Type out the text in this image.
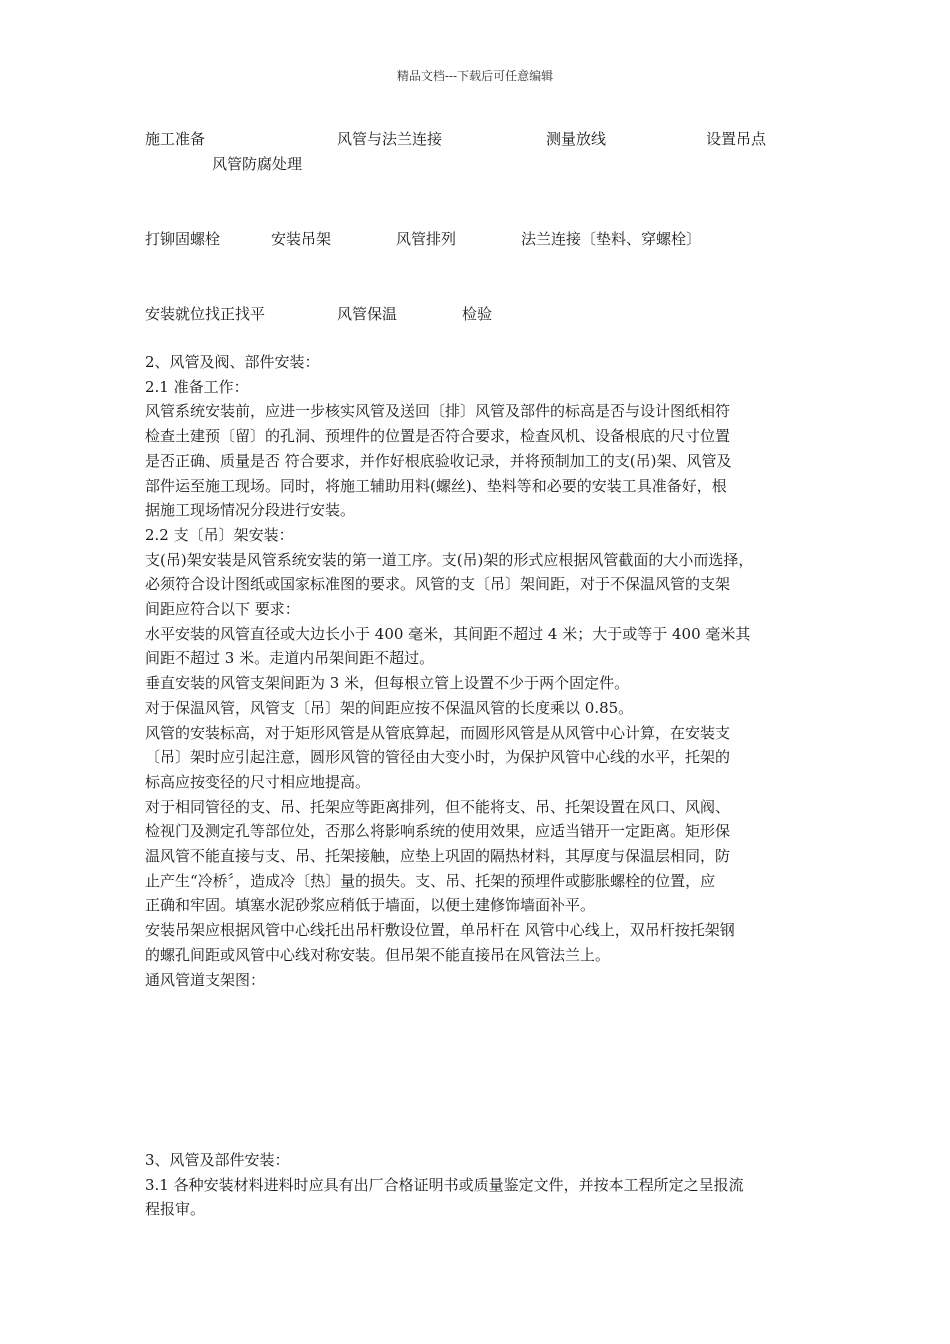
精品文档---下载后可任意编辑
施工准备	风管与法兰连接	测量放线	设置吊点
风管防腐处理
打铆固螺栓	安装吊架	风管排列	法兰连接〔垫料、穿螺栓〕
安装就位找正找平	风管保温	检验

2、风管及阀、部件安装：

2.1 准备工作：

风管系统安装前，应进一步核实风管及送回〔排〕风管及部件的标高是否与设计图纸相符

检查土建预〔留〕的孔洞、预埋件的位置是否符合要求，检查风机、设备根底的尺寸位置

是否正确、质量是否 符合要求，并作好根底验收记录，并将预制加工的支(吊)架、风管及

部件运至施工现场。同时，将施工辅助用料(螺丝)、垫料等和必要的安装工具准备好，根

据施工现场情况分段进行安装。

2.2 支〔吊〕架安装：

支(吊)架安装是风管系统安装的第一道工序。支(吊)架的形式应根据风管截面的大小而选择，

必须符合设计图纸或国家标准图的要求。风管的支〔吊〕架间距，对于不保温风管的支架

间距应符合以下 要求：

水平安装的风管直径或大边长小于 400 毫米，其间距不超过 4 米；大于或等于 400 毫米其

间距不超过 3 米。走道内吊架间距不超过。

垂直安装的风管支架间距为 3 米，但每根立管上设置不少于两个固定件。

对于保温风管，风管支〔吊〕架的间距应按不保温风管的长度乘以 0.85。

风管的安装标高，对于矩形风管是从管底算起，而圆形风管是从风管中心计算，在安装支

〔吊〕架时应引起注意，圆形风管的管径由大变小时，为保护风管中心线的水平，托架的

标高应按变径的尺寸相应地提高。

对于相同管径的支、吊、托架应等距离排列，但不能将支、吊、托架设置在风口、风阀、

检视门及测定孔等部位处，否那么将影响系统的使用效果，应适当错开一定距离。矩形保

温风管不能直接与支、吊、托架接触，应垫上巩固的隔热材料，其厚度与保温层相同，防

止产生“冷桥〞，造成冷〔热〕量的损失。支、吊、托架的预埋件或膨胀螺栓的位置，应

正确和牢固。填塞水泥砂浆应稍低于墙面，以便土建修饰墙面补平。

安装吊架应根据风管中心线托出吊杆敷设位置，单吊杆在 风管中心线上，双吊杆按托架钢

的螺孔间距或风管中心线对称安装。但吊架不能直接吊在风管法兰上。

通风管道支架图：

3、风管及部件安装：

3.1 各种安装材料进料时应具有出厂合格证明书或质量鉴定文件，并按本工程所定之呈报流

程报审。
